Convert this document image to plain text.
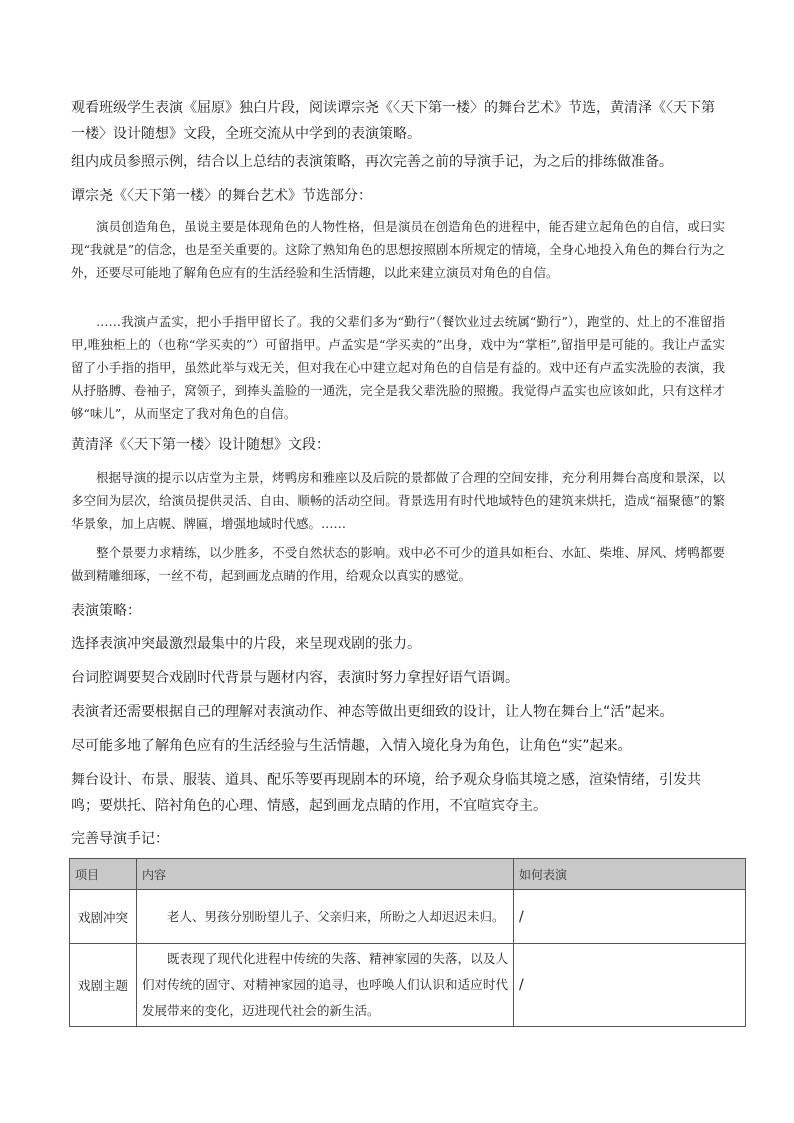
观看班级学生表演《屈原》独白片段，阅读谭宗尧《〈天下第一楼〉的舞台艺术》节选，黄清泽《〈天下第一楼〉设计随想》文段，全班交流从中学到的表演策略。

组内成员参照示例，结合以上总结的表演策略，再次完善之前的导演手记，为之后的排练做准备。

谭宗尧《〈天下第一楼〉的舞台艺术》节选部分：

演员创造角色，虽说主要是体现角色的人物性格，但是演员在创造角色的进程中，能否建立起角色的自信，或曰实现“我就是”的信念，也是至关重要的。这除了熟知角色的思想按照剧本所规定的情境，全身心地投入角色的舞台行为之外，还要尽可能地了解角色应有的生活经验和生活情趣，以此来建立演员对角色的自信。

……我演卢孟实，把小手指甲留长了。我的父辈们多为“勤行”（餐饮业过去统属“勤行”），跑堂的、灶上的不准留指甲,唯独柜上的（也称“学买卖的”）可留指甲。卢孟实是“学买卖的”出身，戏中为“掌柜”,留指甲是可能的。我让卢孟实留了小手指的指甲，虽然此举与戏无关，但对我在心中建立起对角色的自信是有益的。戏中还有卢孟实洗脸的表演，我从抒胳膊、卷袖子，窝领子，到捧头盖脸的一通洗，完全是我父辈洗脸的照搬。我觉得卢孟实也应该如此，只有这样才够“味儿”，从而坚定了我对角色的自信。

黄清泽《〈天下第一楼〉设计随想》文段：

根据导演的提示以店堂为主景，烤鸭房和雅座以及后院的景都做了合理的空间安排，充分利用舞台高度和景深，以多空间为层次，给演员提供灵活、自由、顺畅的活动空间。背景选用有时代地域特色的建筑来烘托，造成“福聚德”的繁华景象，加上店幌、牌匾，增强地域时代感。……

整个景要力求精练，以少胜多，不受自然状态的影响。戏中必不可少的道具如柜台、水缸、柴堆、屏风、烤鸭都要做到精雕细琢，一丝不苟，起到画龙点睛的作用，给观众以真实的感觉。

表演策略：

选择表演冲突最激烈最集中的片段，来呈现戏剧的张力。

台词腔调要契合戏剧时代背景与题材内容，表演时努力拿捏好语气语调。

表演者还需要根据自己的理解对表演动作、神态等做出更细致的设计，让人物在舞台上“活”起来。

尽可能多地了解角色应有的生活经验与生活情趣，入情入境化身为角色，让角色“实”起来。

舞台设计、布景、服装、道具、配乐等要再现剧本的环境，给予观众身临其境之感，渲染情绪，引发共鸣；要烘托、陪衬角色的心理、情感，起到画龙点睛的作用，不宜喧宾夺主。

完善导演手记：

项目	内容	如何表演
戏剧冲突	老人、男孩分别盼望儿子、父亲归来，所盼之人却迟迟未归。	/
戏剧主题	既表现了现代化进程中传统的失落、精神家园的失落，以及人们对传统的固守、对精神家园的追寻，也呼唤人们认识和适应时代发展带来的变化，迈进现代社会的新生活。	/
